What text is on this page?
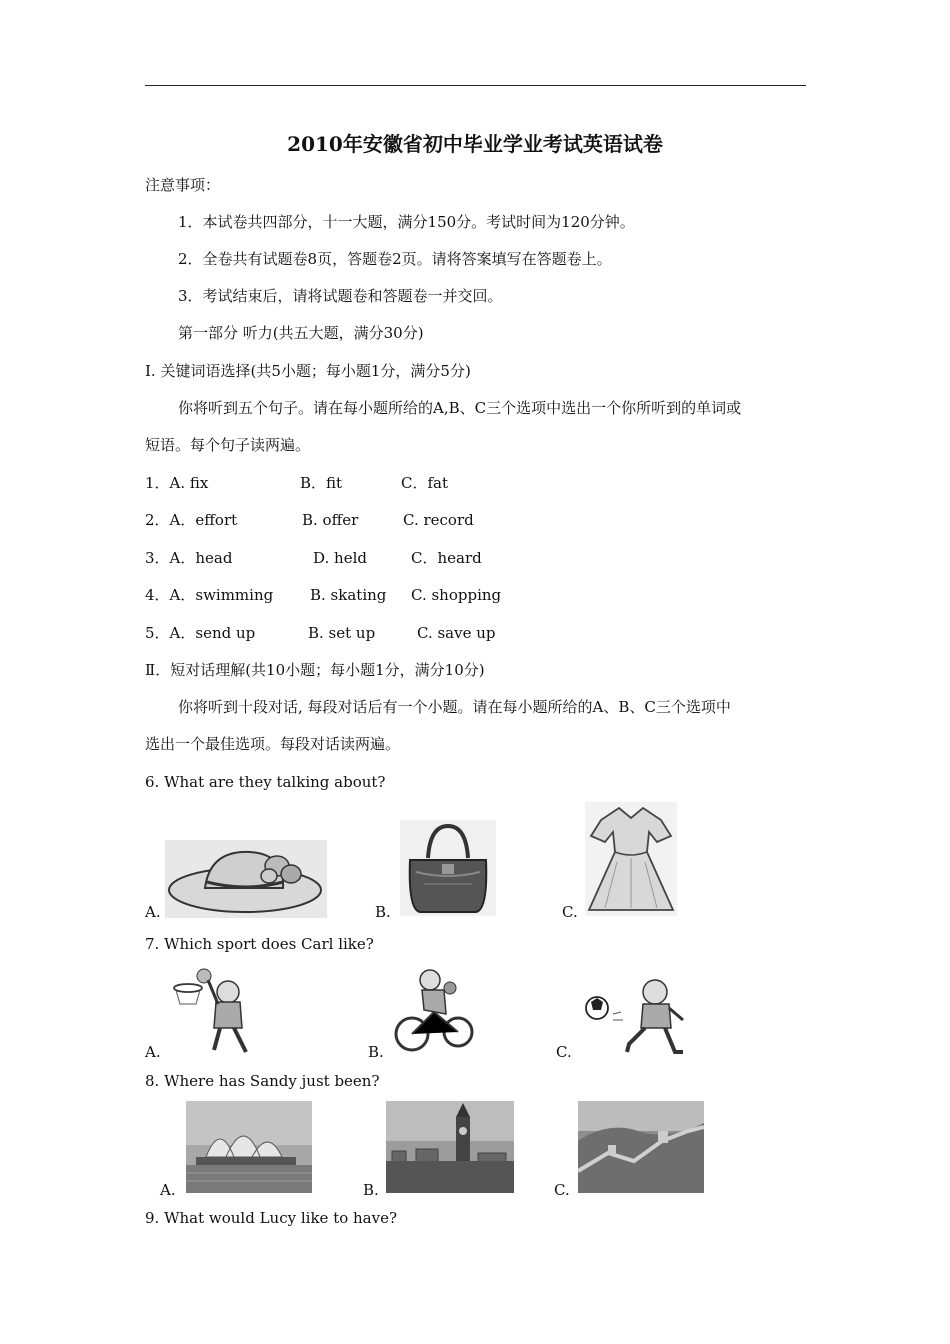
2010年安徽省初中毕业学业考试英语试卷
注意事项：
1．本试卷共四部分，十一大题，满分150分。考试时间为120分钟。
2．全卷共有试题卷8页，答题卷2页。请将答案填写在答题卷上。
3．考试结束后，请将试题卷和答题卷一并交回。
第一部分 听力(共五大题，满分30分)
I. 关键词语选择(共5小题；每小题1分，满分5分)
你将听到五个句子。请在每小题所给的A,B、C三个选项中选出一个你所听到的单词或
短语。每个句子读两遍。
1．A. fix	B．fit	C．fat
2．A．effort	B. offer	C. record
3．A．head	D. held	C．heard
4．A．swimming B. skating C. shopping
5．A．send up	B. set up	C. save up
Ⅱ．短对话理解(共10小题；每小题1分，满分10分)
你将听到十段对话, 每段对话后有一个小题。请在每小题所给的A、B、C三个选项中
选出一个最佳选项。每段对话读两遍。
6. What are they talking about?
A.	B.	C.
7. Which sport does Carl like?
A.	B.	C.
8. Where has Sandy just been?
A.	B.	C.
9. What would Lucy like to have?
